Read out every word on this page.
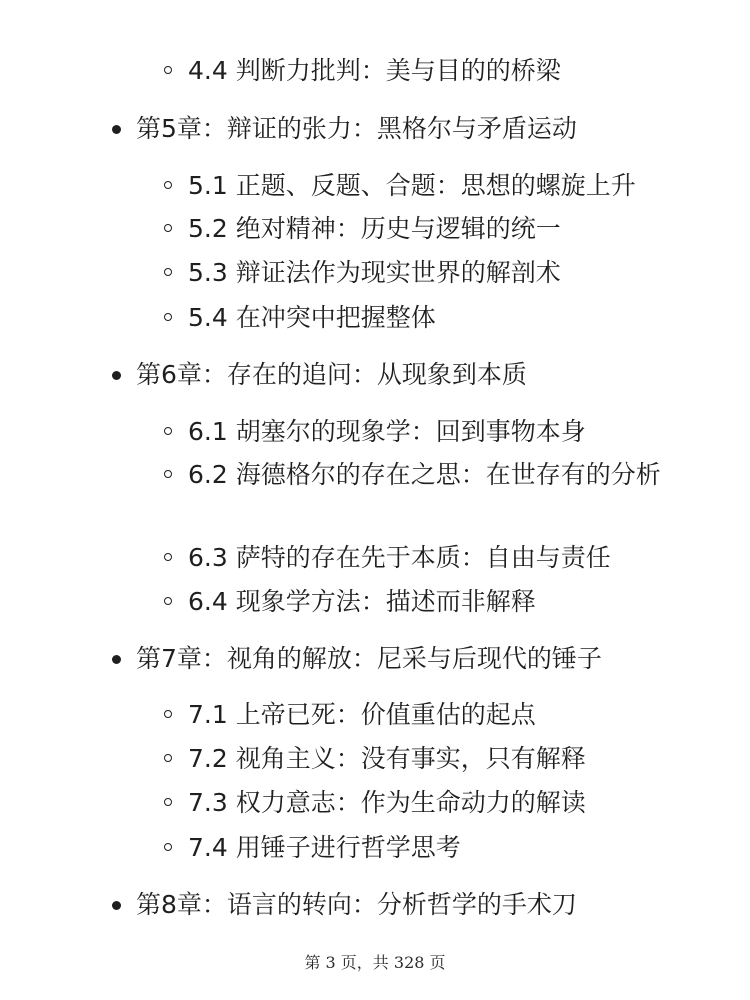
4.4 判断力批判：美与目的的桥梁
第5章：辩证的张力：黑格尔与矛盾运动
5.1 正题、反题、合题：思想的螺旋上升
5.2 绝对精神：历史与逻辑的统一
5.3 辩证法作为现实世界的解剖术
5.4 在冲突中把握整体
第6章：存在的追问：从现象到本质
6.1 胡塞尔的现象学：回到事物本身
6.2 海德格尔的存在之思：在世存有的分析
6.3 萨特的存在先于本质：自由与责任
6.4 现象学方法：描述而非解释
第7章：视角的解放：尼采与后现代的锤子
7.1 上帝已死：价值重估的起点
7.2 视角主义：没有事实，只有解释
7.3 权力意志：作为生命动力的解读
7.4 用锤子进行哲学思考
第8章：语言的转向：分析哲学的手术刀
第 3 页，共 328 页
